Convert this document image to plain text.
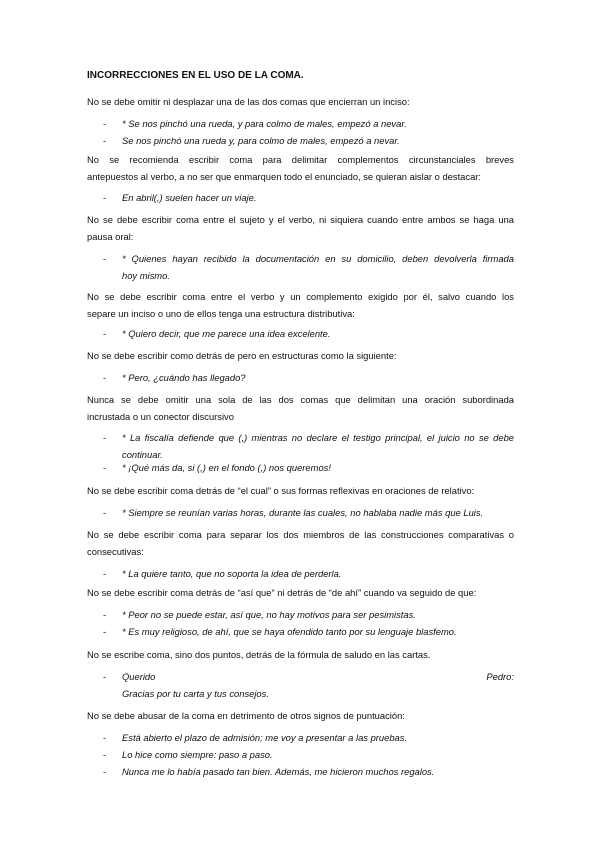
INCORRECCIONES EN EL USO DE LA COMA.
No se debe omitir ni desplazar una de las dos comas que encierran un inciso:
- * Se nos pinchó una rueda, y para colmo de males, empezó a nevar.
- Se nos pinchó una rueda y, para colmo de males, empezó a nevar.
No se recomienda escribir coma para delimitar complementos circunstanciales breves
antepuestos al verbo, a no ser que enmarquen todo el enunciado, se quieran aislar o destacar:
- En abril(,) suelen hacer un viaje.
No se debe escribir coma entre el sujeto y el verbo, ni siquiera cuando entre ambos se haga una
pausa oral:
- * Quienes hayan recibido la documentación en su domicilio, deben devolverla firmada
hoy mismo.
No se debe escribir coma entre el verbo y un complemento exigido por él, salvo cuando los
separe un inciso o uno de ellos tenga una estructura distributiva:
- * Quiero decir, que me parece una idea excelente.
No se debe escribir como detrás de pero en estructuras como la siguiente:
- * Pero, ¿cuándo has llegado?
Nunca se debe omitir una sola de las dos comas que delimitan una oración subordinada
incrustada o un conector discursivo
- * La fiscalía defiende que (,) mientras no declare el testigo principal, el juicio no se debe
continuar.
- * ¡Qué más da, si (,) en el fondo (,) nos queremos!
No se debe escribir coma detrás de “el cual” o sus formas reflexivas en oraciones de relativo:
- * Siempre se reunían varias horas, durante las cuales, no hablaba nadie más que Luis.
No se debe escribir coma para separar los dos miembros de las construcciones comparativas o
consecutivas:
- * La quiere tanto, que no soporta la idea de perderla.
No se debe escribir coma detrás de “así que” ni detrás de “de ahí” cuando va seguido de que:
- * Peor no se puede estar, así que, no hay motivos para ser pesimistas.
- * Es muy religioso, de ahí, que se haya ofendido tanto por su lenguaje blasfemo.
No se escribe coma, sino dos puntos, detrás de la fórmula de saludo en las cartas.
- Querido Pedro:
Gracias por tu carta y tus consejos.
No se debe abusar de la coma en detrimento de otros signos de puntuación:
- Está abierto el plazo de admisión; me voy a presentar a las pruebas.
- Lo hice como siempre: paso a paso.
- Nunca me lo había pasado tan bien. Además, me hicieron muchos regalos.
